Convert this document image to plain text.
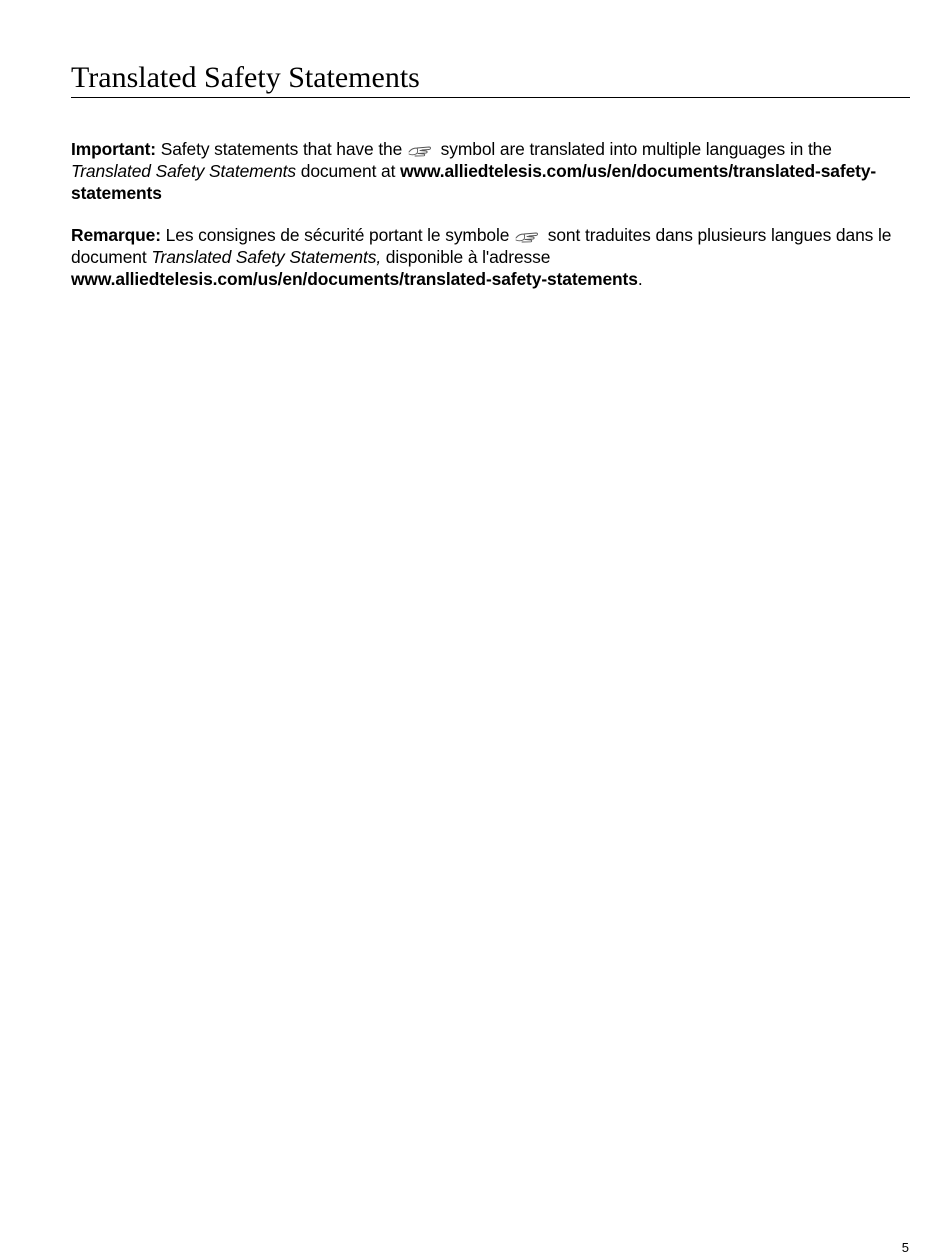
Translated Safety Statements

Important: Safety statements that have the
symbol are translated into multiple languages in the Translated Safety Statements document at www.alliedtelesis.com/us/en/documents/translated-safety-statements

Remarque: Les consignes de sécurité portant le symbole
sont traduites dans plusieurs langues dans le document Translated Safety Statements, disponible à l'adresse www.alliedtelesis.com/us/en/documents/translated-safety-statements.

5
